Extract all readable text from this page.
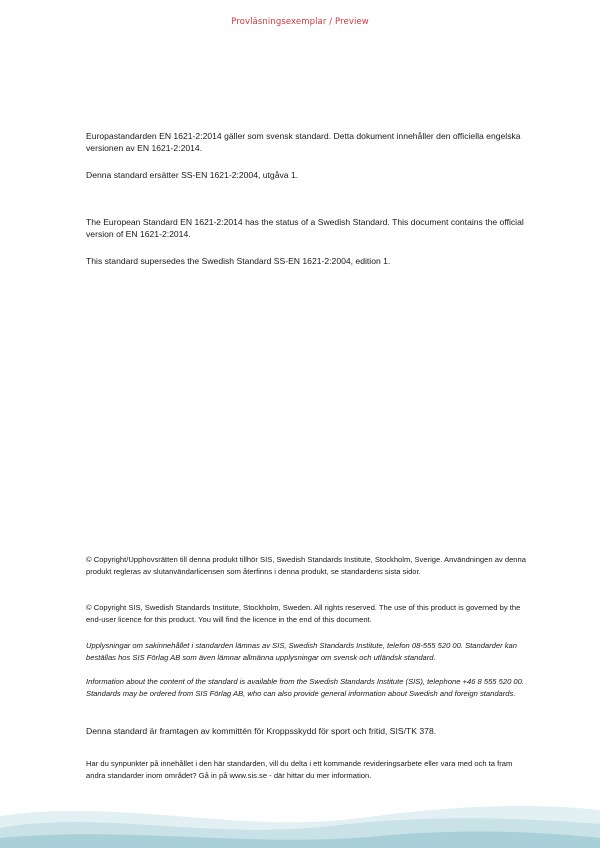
Provläsningsexemplar / Preview

Europastandarden EN 1621-2:2014 gäller som svensk standard. Detta dokument innehåller den officiella engelska versionen av EN 1621-2:2014.

Denna standard ersätter SS-EN 1621-2:2004, utgåva 1.

The European Standard EN 1621-2:2014 has the status of a Swedish Standard. This document contains the official version of EN 1621-2:2014.

This standard supersedes the Swedish Standard SS-EN 1621-2:2004, edition 1.

© Copyright/Upphovsrätten till denna produkt tillhör SIS, Swedish Standards Institute, Stockholm, Sverige. Användningen av denna produkt regleras av slutanvändarlicensen som återfinns i denna produkt, se standardens sista sidor.

© Copyright SIS, Swedish Standards Institute, Stockholm, Sweden. All rights reserved. The use of this product is governed by the end-user licence for this product. You will find the licence in the end of this document.

Upplysningar om sakinnehållet i standarden lämnas av SIS, Swedish Standards Institute, telefon 08-555 520 00. Standarder kan beställas hos SIS Förlag AB som även lämnar allmänna upplysningar om svensk och utländsk standard.

Information about the content of the standard is available from the Swedish Standards Institute (SIS), telephone +46 8 555 520 00. Standards may be ordered from SIS Förlag AB, who can also provide general information about Swedish and foreign standards.

Denna standard är framtagen av kommittén för Kroppsskydd för sport och fritid, SIS/TK 378.

Har du synpunkter på innehållet i den här standarden, vill du delta i ett kommande revideringsarbete eller vara med och ta fram andra standarder inom området? Gå in på www.sis.se - där hittar du mer information.
